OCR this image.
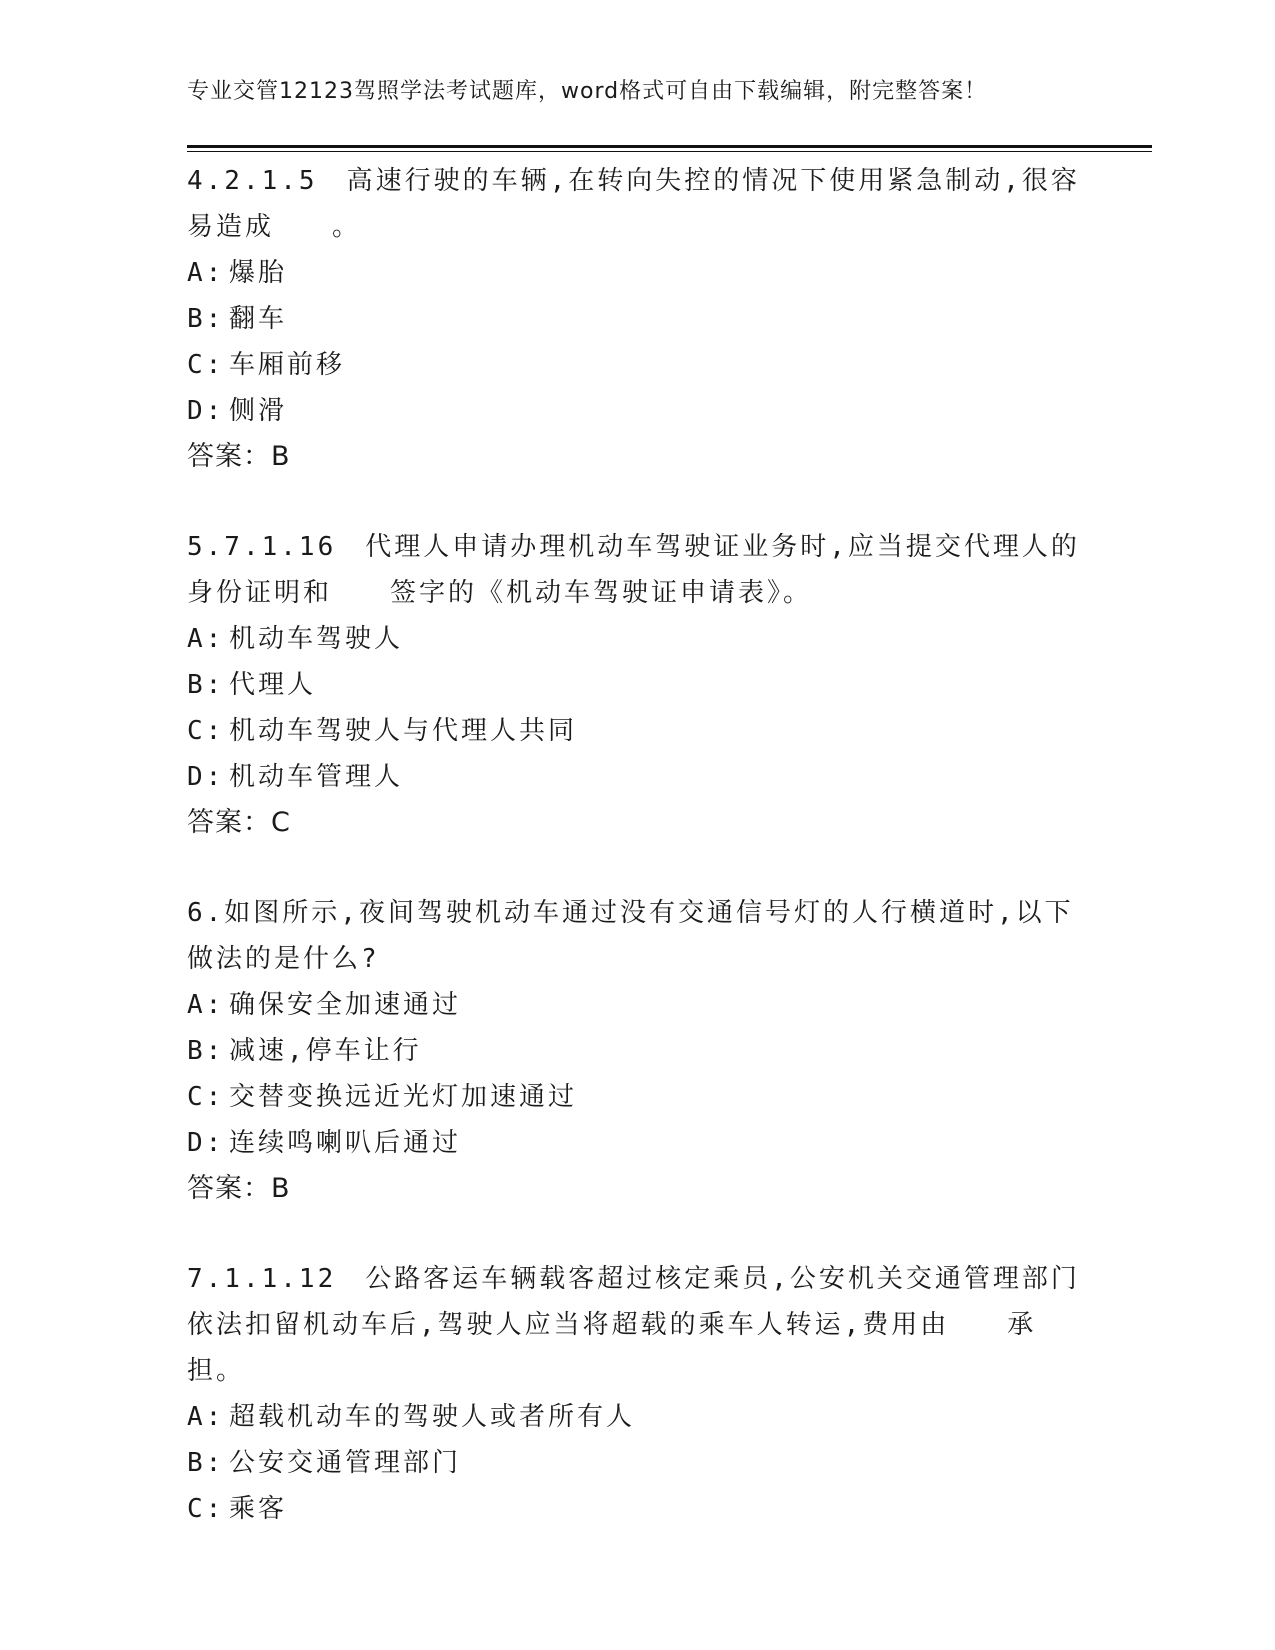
专业交管12123驾照学法考试题库，word格式可自由下载编辑，附完整答案！

4.2.1.5　高速行驶的车辆,在转向失控的情况下使用紧急制动,很容易造成　　。

A: 爆胎

B: 翻车

C: 车厢前移

D: 侧滑

答案：B

5.7.1.16　代理人申请办理机动车驾驶证业务时,应当提交代理人的身份证明和　　签字的《机动车驾驶证申请表》。

A: 机动车驾驶人

B: 代理人

C: 机动车驾驶人与代理人共同

D: 机动车管理人

答案：C

6.如图所示,夜间驾驶机动车通过没有交通信号灯的人行横道时,以下做法的是什么?

A: 确保安全加速通过

B: 减速,停车让行

C: 交替变换远近光灯加速通过

D: 连续鸣喇叭后通过

答案：B

7.1.1.12　公路客运车辆载客超过核定乘员,公安机关交通管理部门依法扣留机动车后,驾驶人应当将超载的乘车人转运,费用由　　承担。

A: 超载机动车的驾驶人或者所有人

B: 公安交通管理部门

C: 乘客
